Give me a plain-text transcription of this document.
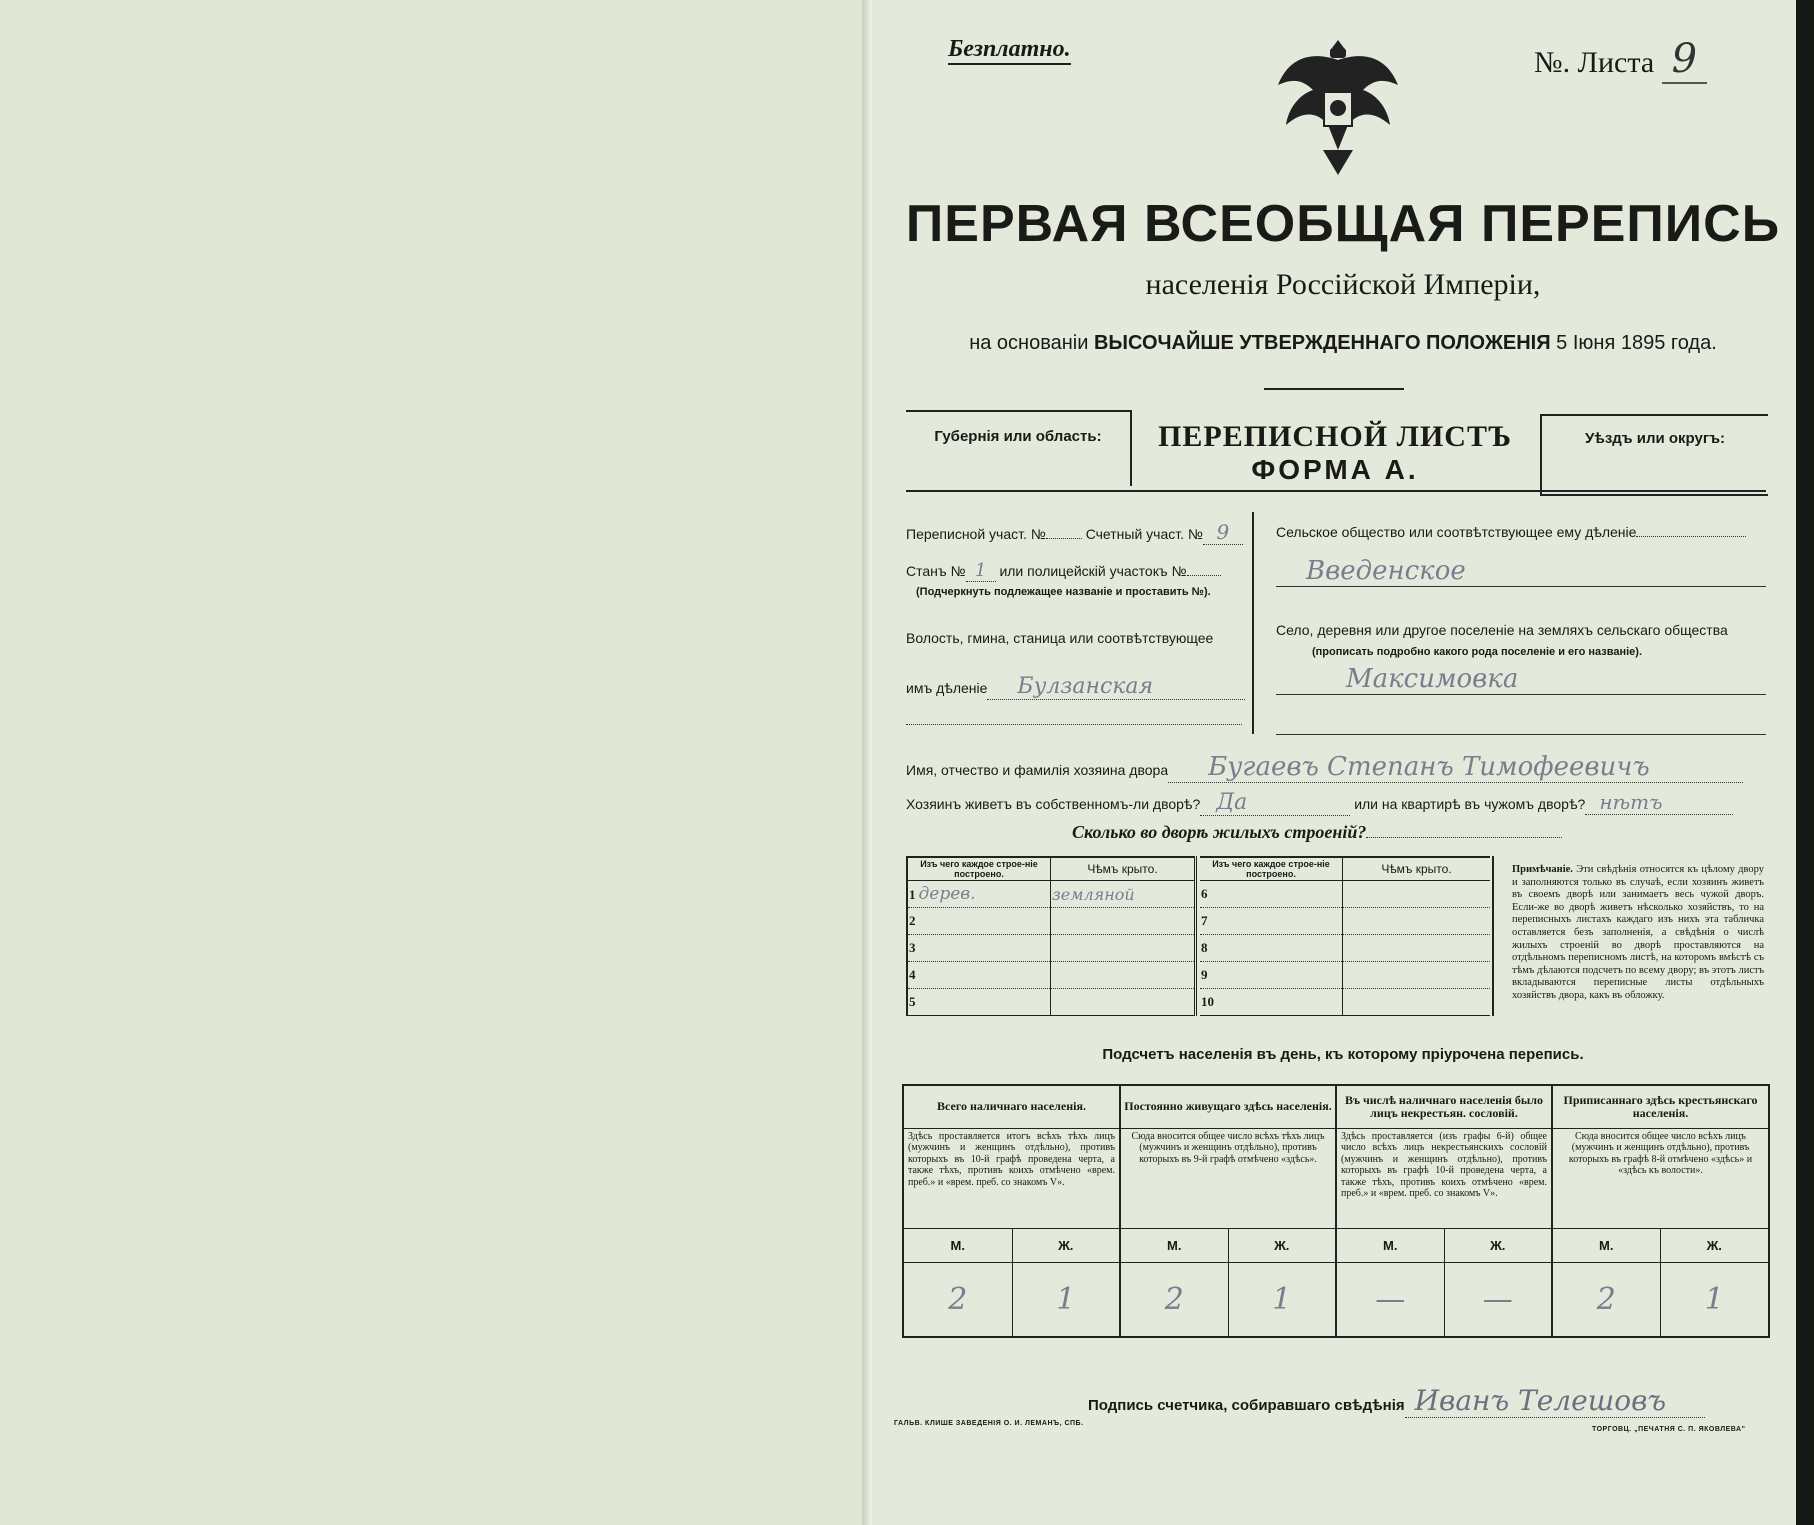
Безплатно.	№. Листа 9
ПЕРВАЯ ВСЕОБЩАЯ ПЕРЕПИСЬ
населенія Россійской Имперіи,
на основаніи ВЫСОЧАЙШЕ УТВЕРЖДЕННАГО ПОЛОЖЕНІЯ 5 Іюня 1895 года.
Губернія или область:	ПЕРЕПИСНОЙ ЛИСТЪ
ФОРМА А.
Уѣздъ или округъ:
Переписной участ. №	Счетный участ. № 9
Станъ № 1 или полицейскій участокъ №
(Подчеркнуть подлежащее названіе и проставить №).
Волость, гмина, станица или соотвѣтствующее
имъ дѣленіе Булзанская
Сельское общество или соотвѣтствующее ему дѣленіе
Введенское
Село, деревня или другое поселеніе на земляхъ сельскаго общества
(прописать подробно какого рода поселеніе и его названіе).
Максимовка
Имя, отчество и фамилія хозяина двора Бугаевъ Степанъ Тимофеевичъ
Хозяинъ живетъ въ собственномъ-ли дворѣ? Да	или на квартирѣ въ чужомъ дворѣ? нѣтъ
Сколько во дворѣ жилыхъ строеній?
Изъ чего каждое строе-ніе построено.	Чѣмъ крыто.
1 дерев.	земляной
2	
3	
4	
5	
Изъ чего каждое строе-ніе построено.	Чѣмъ крыто.
6	
7	
8	
9	
10	
Примѣчаніе. Эти свѣдѣнія относятся къ цѣлому двору и заполняются только въ случаѣ, если хозяинъ живетъ въ своемъ дворѣ или занимаетъ весь чужой дворъ. Если-же во дворѣ живетъ нѣсколько хозяйствъ, то на переписныхъ листахъ каждаго изъ нихъ эта табличка оставляется безъ заполненія, а свѣдѣнія о числѣ жилыхъ строеній во дворѣ проставляются на отдѣльномъ переписномъ листѣ, на которомъ вмѣстѣ съ тѣмъ дѣлаются подсчетъ по всему двору; въ этотъ листъ вкладываются переписные листы отдѣльныхъ хозяйствъ двора, какъ въ обложку.
Подсчетъ населенія въ день, къ которому пріурочена перепись.
Всего наличнаго населенія.		Постоянно живущаго здѣсь населенія.		Въ числѣ наличнаго населенія было лицъ некрестьян. сословій.		Приписаннаго здѣсь крестьянскаго населенія.	
Здѣсь проставляется итогъ всѣхъ тѣхъ лицъ (мужчинъ и женщинъ отдѣльно), противъ которыхъ въ 10-й графѣ проведена черта, а также тѣхъ, противъ коихъ отмѣчено «врем. преб.» и «врем. преб. со знакомъ V».		Сюда вносится общее число всѣхъ тѣхъ лицъ (мужчинъ и женщинъ отдѣльно), противъ которыхъ въ 9-й графѣ отмѣчено «здѣсь».		Здѣсь проставляется (изъ графы 6-й) общее число всѣхъ лицъ некрестьянскихъ сословій (мужчинъ и женщинъ отдѣльно), противъ которыхъ въ графѣ 10-й проведена черта, а также тѣхъ, противъ коихъ отмѣчено «врем. преб.» и «врем. преб. со знакомъ V».		Сюда вносится общее число всѣхъ лицъ (мужчинъ и женщинъ отдѣльно), противъ которыхъ въ графѣ 8-й отмѣчено «здѣсь» и «здѣсь къ волости».	
М.	Ж.	М.	Ж.	М.	Ж.	М.	Ж.
2	1	2	1	—	—	2	1
Подпись счетчика, собиравшаго свѣдѣнія Иванъ Телешовъ
ГАЛЬВ. КЛИШЕ ЗАВЕДЕНІЯ О. И. ЛЕМАНЪ, СПБ.
ТОРГОВЦ. „ПЕЧАТНЯ С. П. ЯКОВЛЕВА"
